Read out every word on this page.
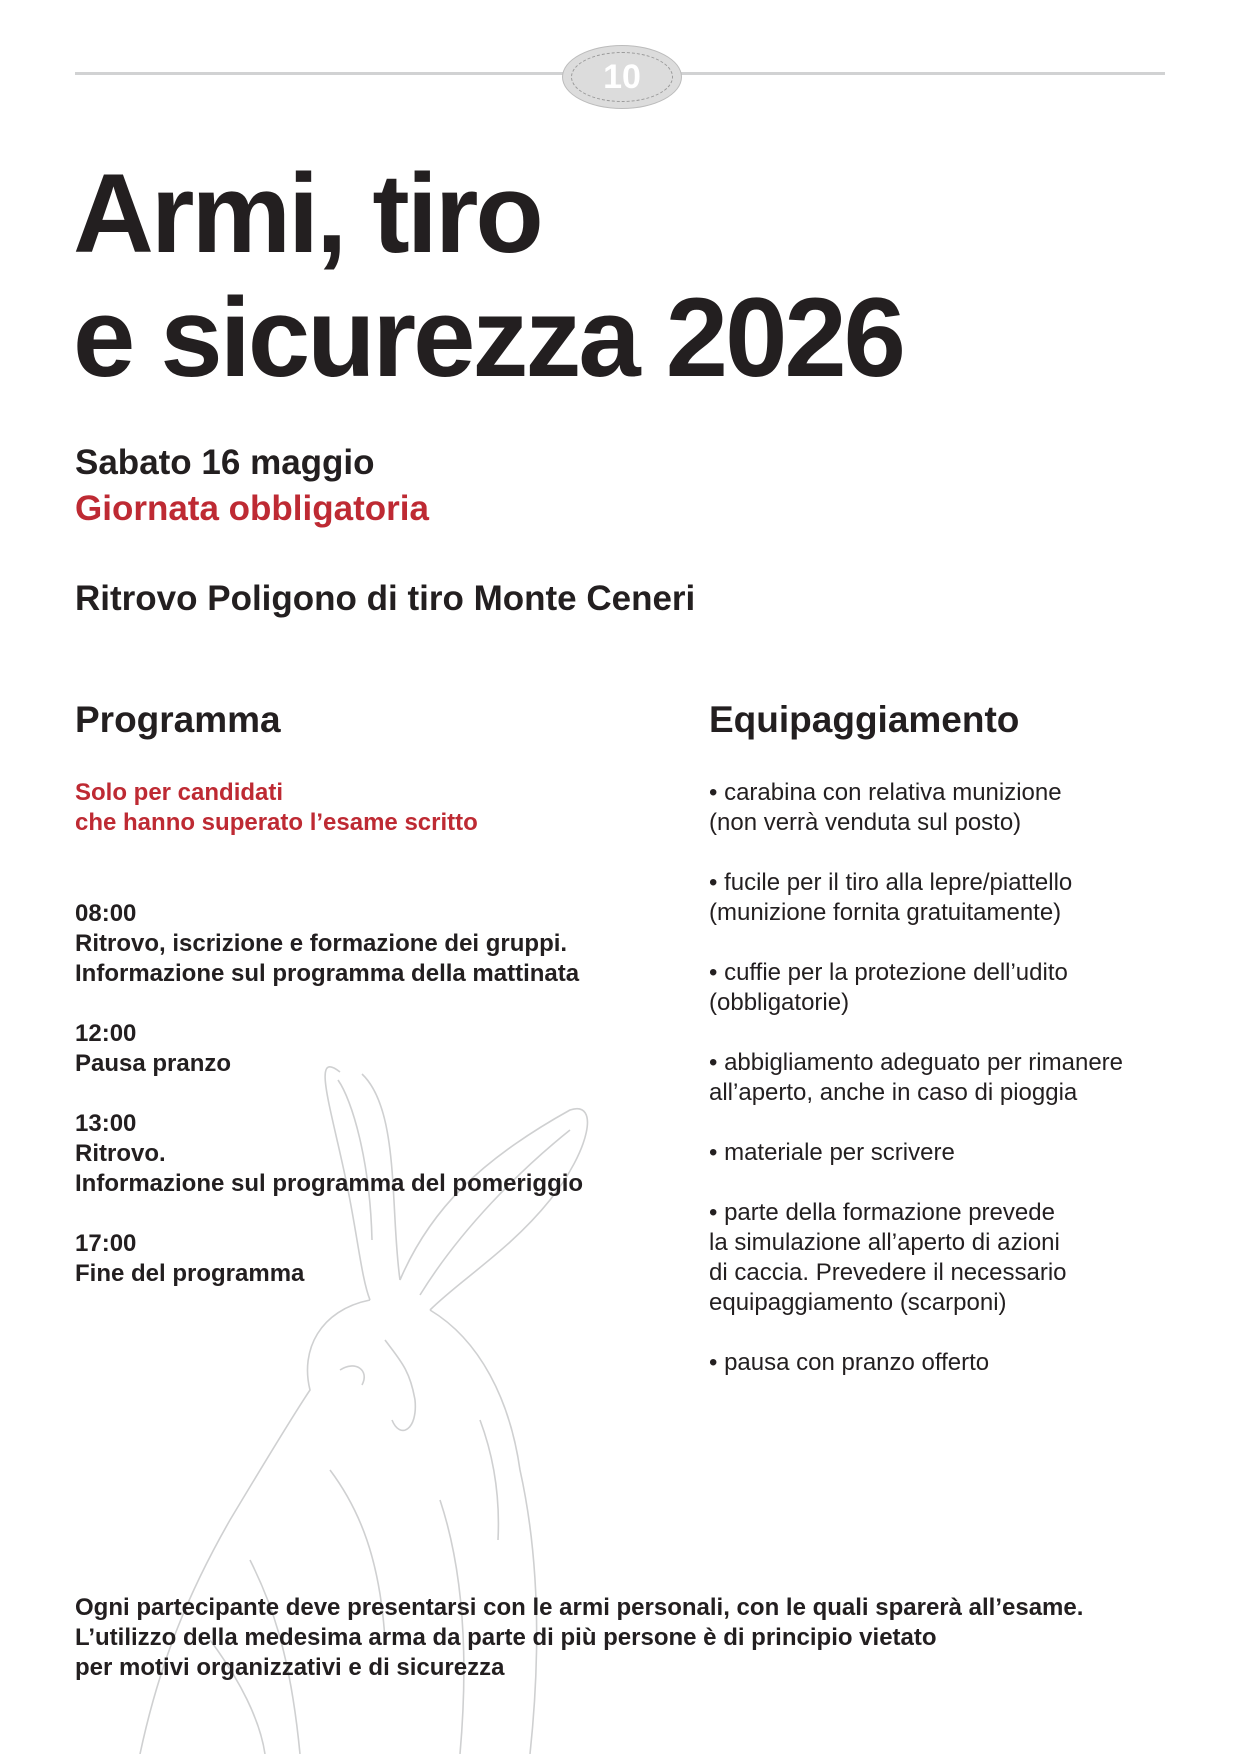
10
Armi, tiro
e sicurezza 2026
Sabato 16 maggio
Giornata obbligatoria
Ritrovo Poligono di tiro Monte Ceneri
Programma
Solo per candidati
che hanno superato l’esame scritto
08:00
Ritrovo, iscrizione e formazione dei gruppi.
Informazione sul programma della mattinata
12:00
Pausa pranzo
13:00
Ritrovo.
Informazione sul programma del pomeriggio
17:00
Fine del programma
Equipaggiamento
• carabina con relativa munizione
(non verrà venduta sul posto)
• fucile per il tiro alla lepre/piattello
(munizione fornita gratuitamente)
• cuffie per la protezione dell’udito
(obbligatorie)
• abbigliamento adeguato per rimanere
all’aperto, anche in caso di pioggia
• materiale per scrivere
• parte della formazione prevede
la simulazione all’aperto di azioni
di caccia. Prevedere il necessario
equipaggiamento (scarponi)
• pausa con pranzo offerto
Ogni partecipante deve presentarsi con le armi personali, con le quali sparerà all’esame.
L’utilizzo della medesima arma da parte di più persone è di principio vietato
per motivi organizzativi e di sicurezza
